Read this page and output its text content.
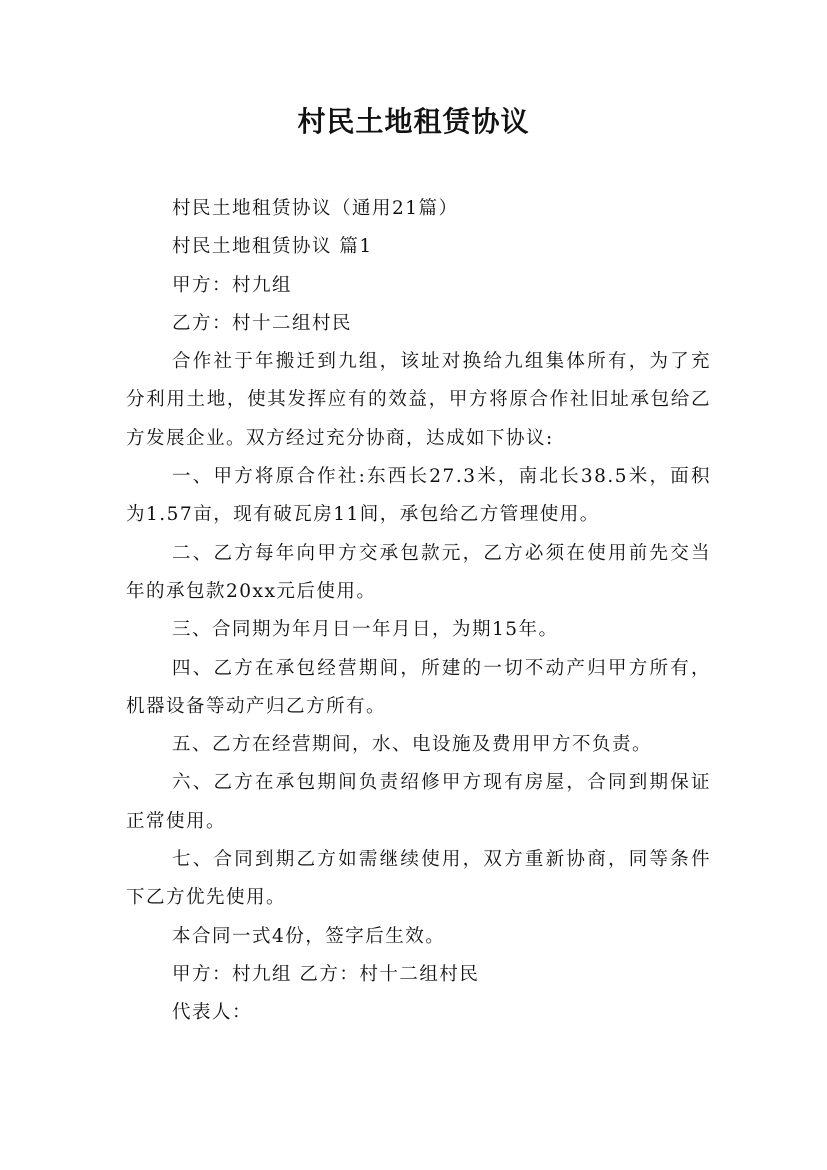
村民土地租赁协议

村民土地租赁协议（通用21篇）

村民土地租赁协议 篇1

甲方：村九组

乙方：村十二组村民

合作社于年搬迁到九组，该址对换给九组集体所有，为了充分利用土地，使其发挥应有的效益，甲方将原合作社旧址承包给乙方发展企业。双方经过充分协商，达成如下协议:

一、甲方将原合作社:东西长27.3米，南北长38.5米，面积为1.57亩，现有破瓦房11间，承包给乙方管理使用。

二、乙方每年向甲方交承包款元，乙方必须在使用前先交当年的承包款20xx元后使用。

三、合同期为年月日一年月日，为期15年。

四、乙方在承包经营期间，所建的一切不动产归甲方所有，机器设备等动产归乙方所有。

五、乙方在经营期间，水、电设施及费用甲方不负责。

六、乙方在承包期间负责绍修甲方现有房屋，合同到期保证正常使用。

七、合同到期乙方如需继续使用，双方重新协商，同等条件下乙方优先使用。

本合同一式4份，签字后生效。

甲方：村九组 乙方：村十二组村民

代表人：
